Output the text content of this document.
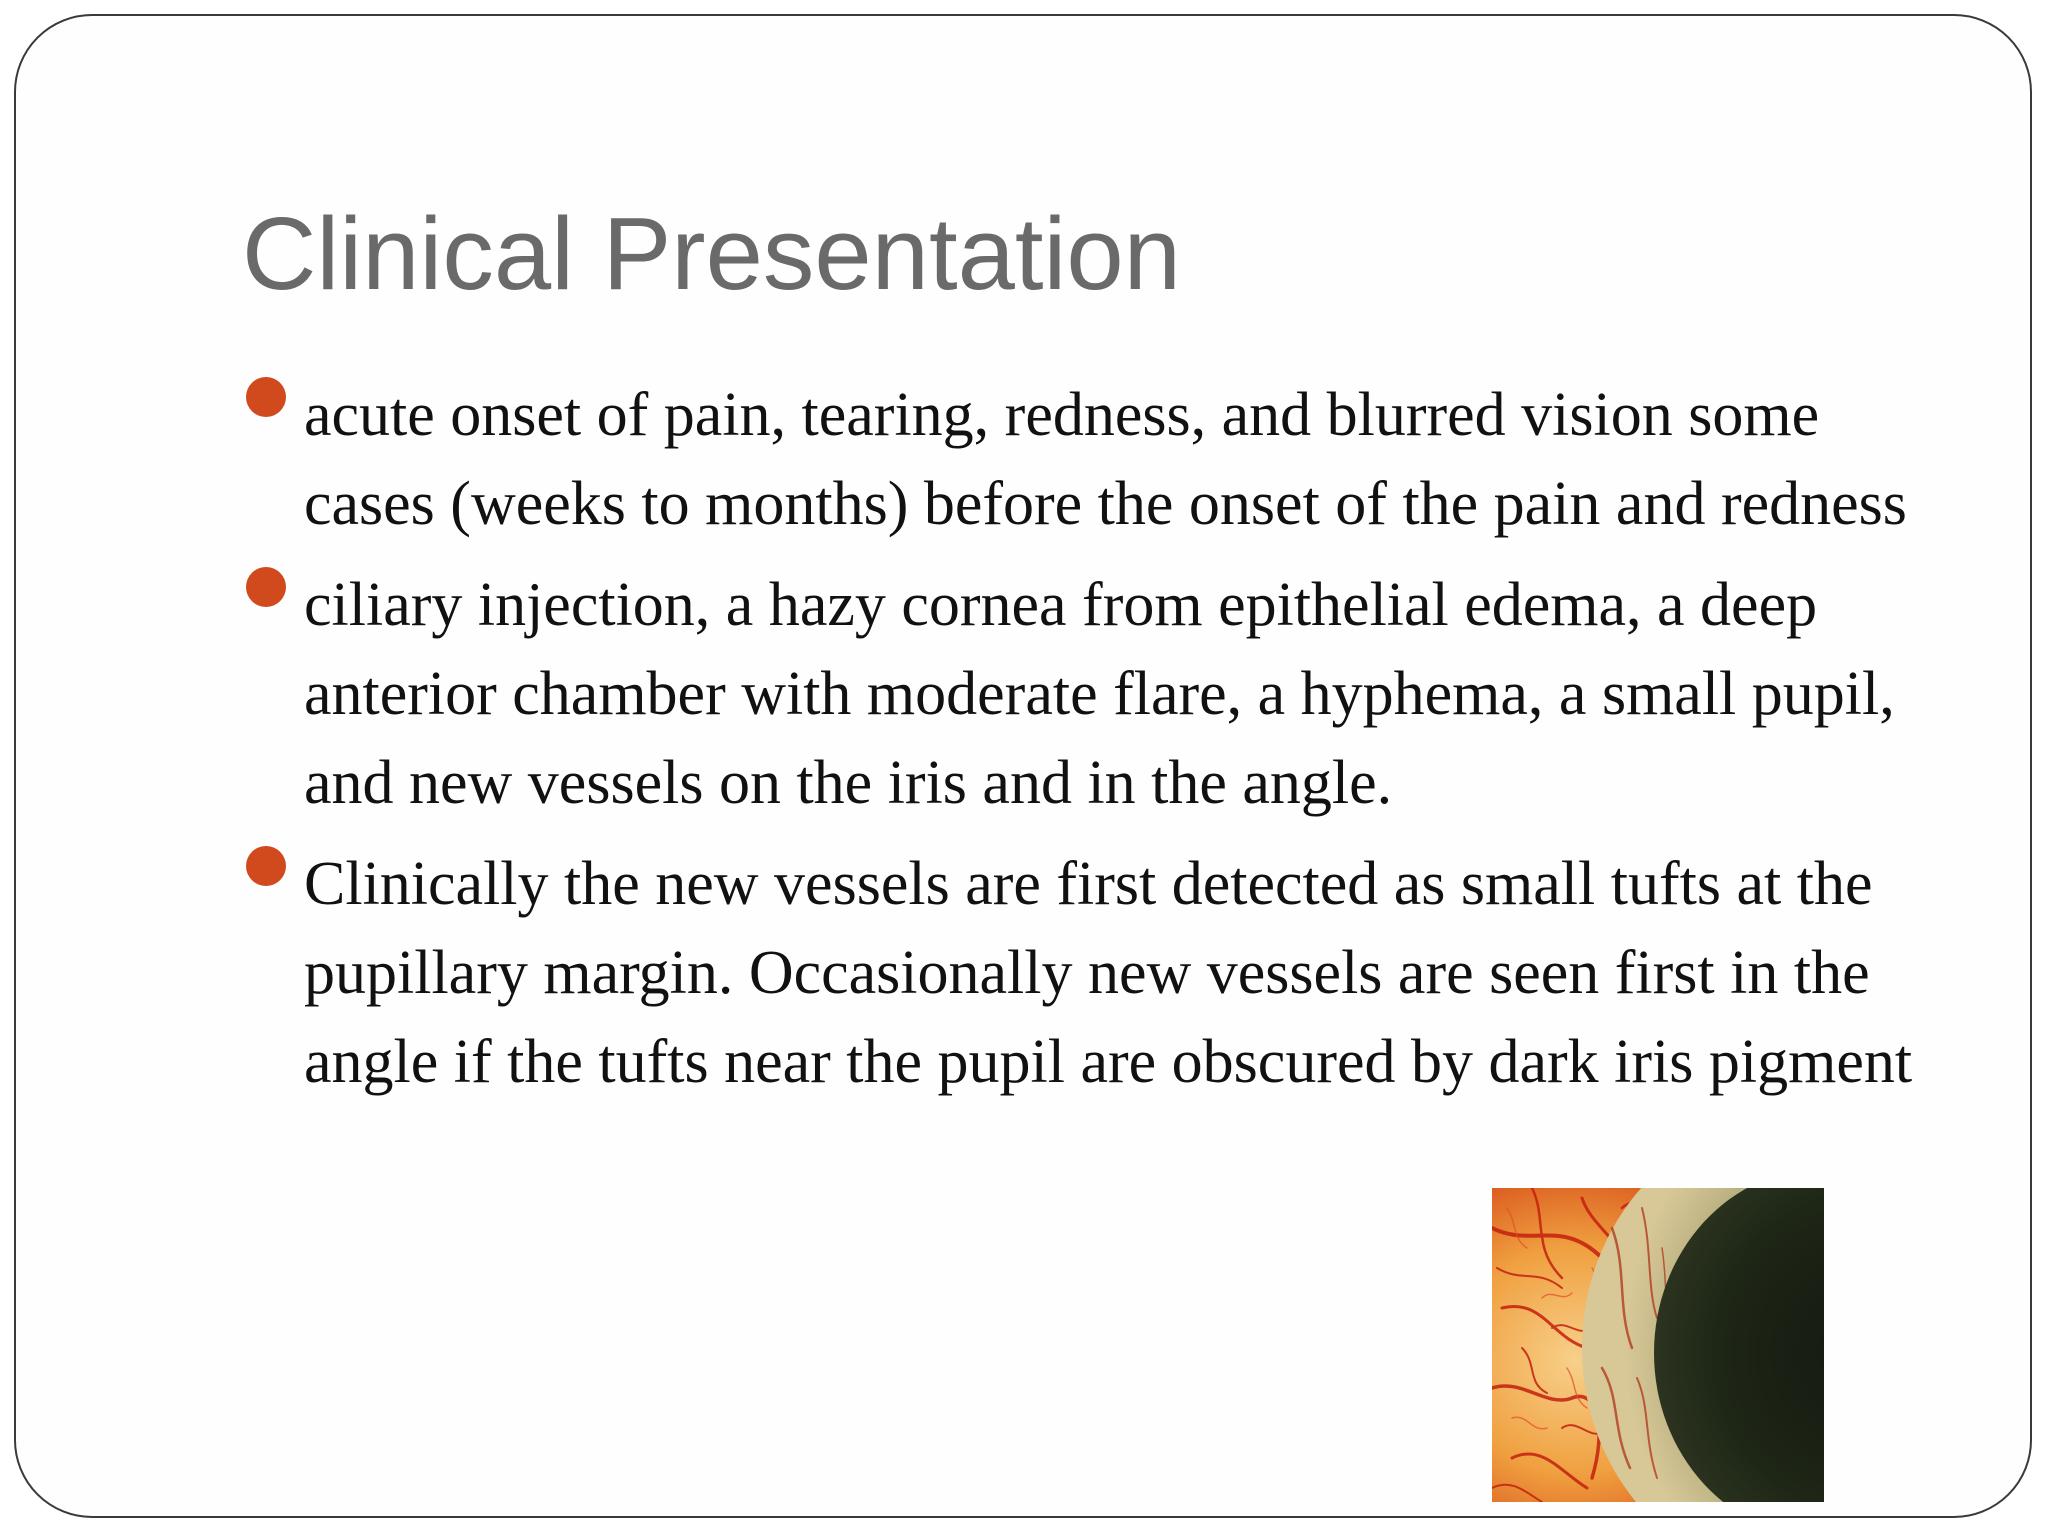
Clinical Presentation
acute onset of pain, tearing, redness, and blurred vision some cases (weeks to months) before the onset of the pain and redness
ciliary injection, a hazy cornea from epithelial edema, a deep anterior chamber with moderate flare, a hyphema, a small pupil, and new vessels on the iris and in the angle.
Clinically the new vessels are first detected as small tufts at the pupillary margin. Occasionally new vessels are seen first in the angle if the tufts near the pupil are obscured by dark iris pigment
